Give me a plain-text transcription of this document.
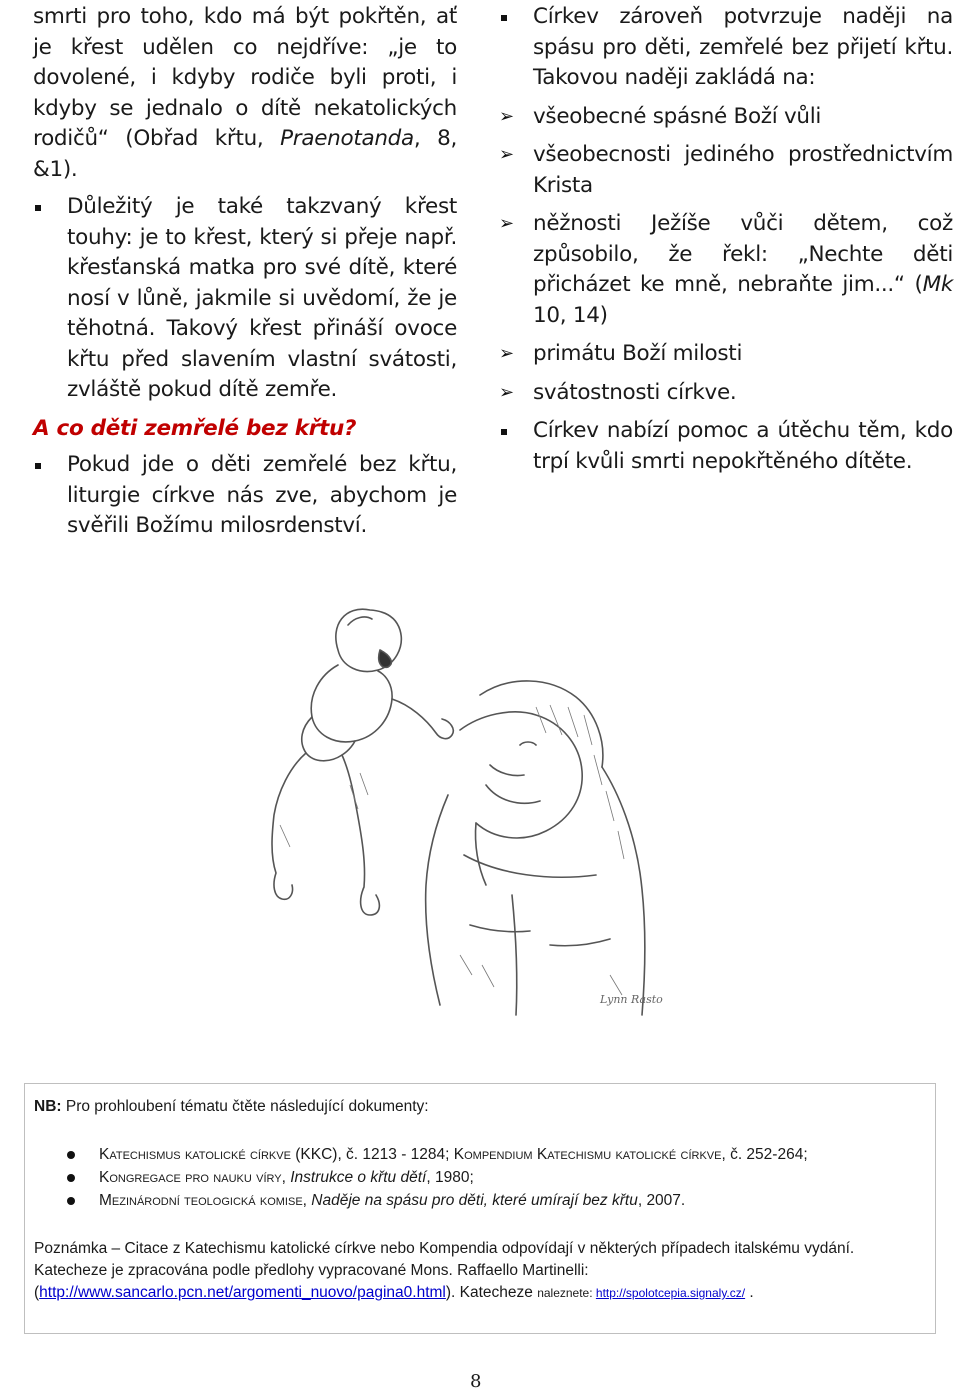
smrti pro toho, kdo má být pokřtěn, ať je křest udělen co nejdříve: „je to dovolené, i kdyby rodiče byli proti, i kdyby se jednalo o dítě nekatolických rodičů“ (Obřad křtu, Praenotanda, 8, &1).

Důležitý je také takzvaný křest touhy: je to křest, který si přeje např. křesťanská matka pro své dítě, které nosí v lůně, jakmile si uvědomí, že je těhotná. Takový křest přináší ovoce křtu před slavením vlastní svátosti, zvláště pokud dítě zemře.
A co děti zemřelé bez křtu?
Pokud jde o děti zemřelé bez křtu, liturgie církve nás zve, abychom je svěřili Božímu milosrdenství.
Církev zároveň potvrzuje naději na spásu pro děti, zemřelé bez přijetí křtu. Takovou naději zakládá na:
➢ všeobecné spásné Boží vůli
➢ všeobecnosti jediného prostřednictvím Krista
➢ něžnosti Ježíše vůči dětem, což způsobilo, že řekl: „Nechte děti přicházet ke mně, nebraňte jim...“ (Mk 10, 14)
➢ primátu Boží milosti
➢ svátostnosti církve.
Církev nabízí pomoc a útěchu těm, kdo trpí kvůli smrti nepokřtěného dítěte.
Lynn Rasto
NB: Pro prohloubení tématu čtěte následující dokumenty:
Katechismus katolické církve (KKC), č. 1213 - 1284; Kompendium Katechismu katolické církve, č. 252-264;
Kongregace pro nauku víry, Instrukce o křtu dětí, 1980;
Mezinárodní teologická komise, Naděje na spásu pro děti, které umírají bez křtu, 2007.
Poznámka – Citace z Katechismu katolické církve nebo Kompendia odpovídají v některých případech italskému vydání.
Katecheze je zpracována podle předlohy vypracované Mons. Raffaello Martinelli:
(http://www.sancarlo.pcn.net/argomenti_nuovo/pagina0.html). Katecheze naleznete: http://spolotcepia.signaly.cz/ .
8
